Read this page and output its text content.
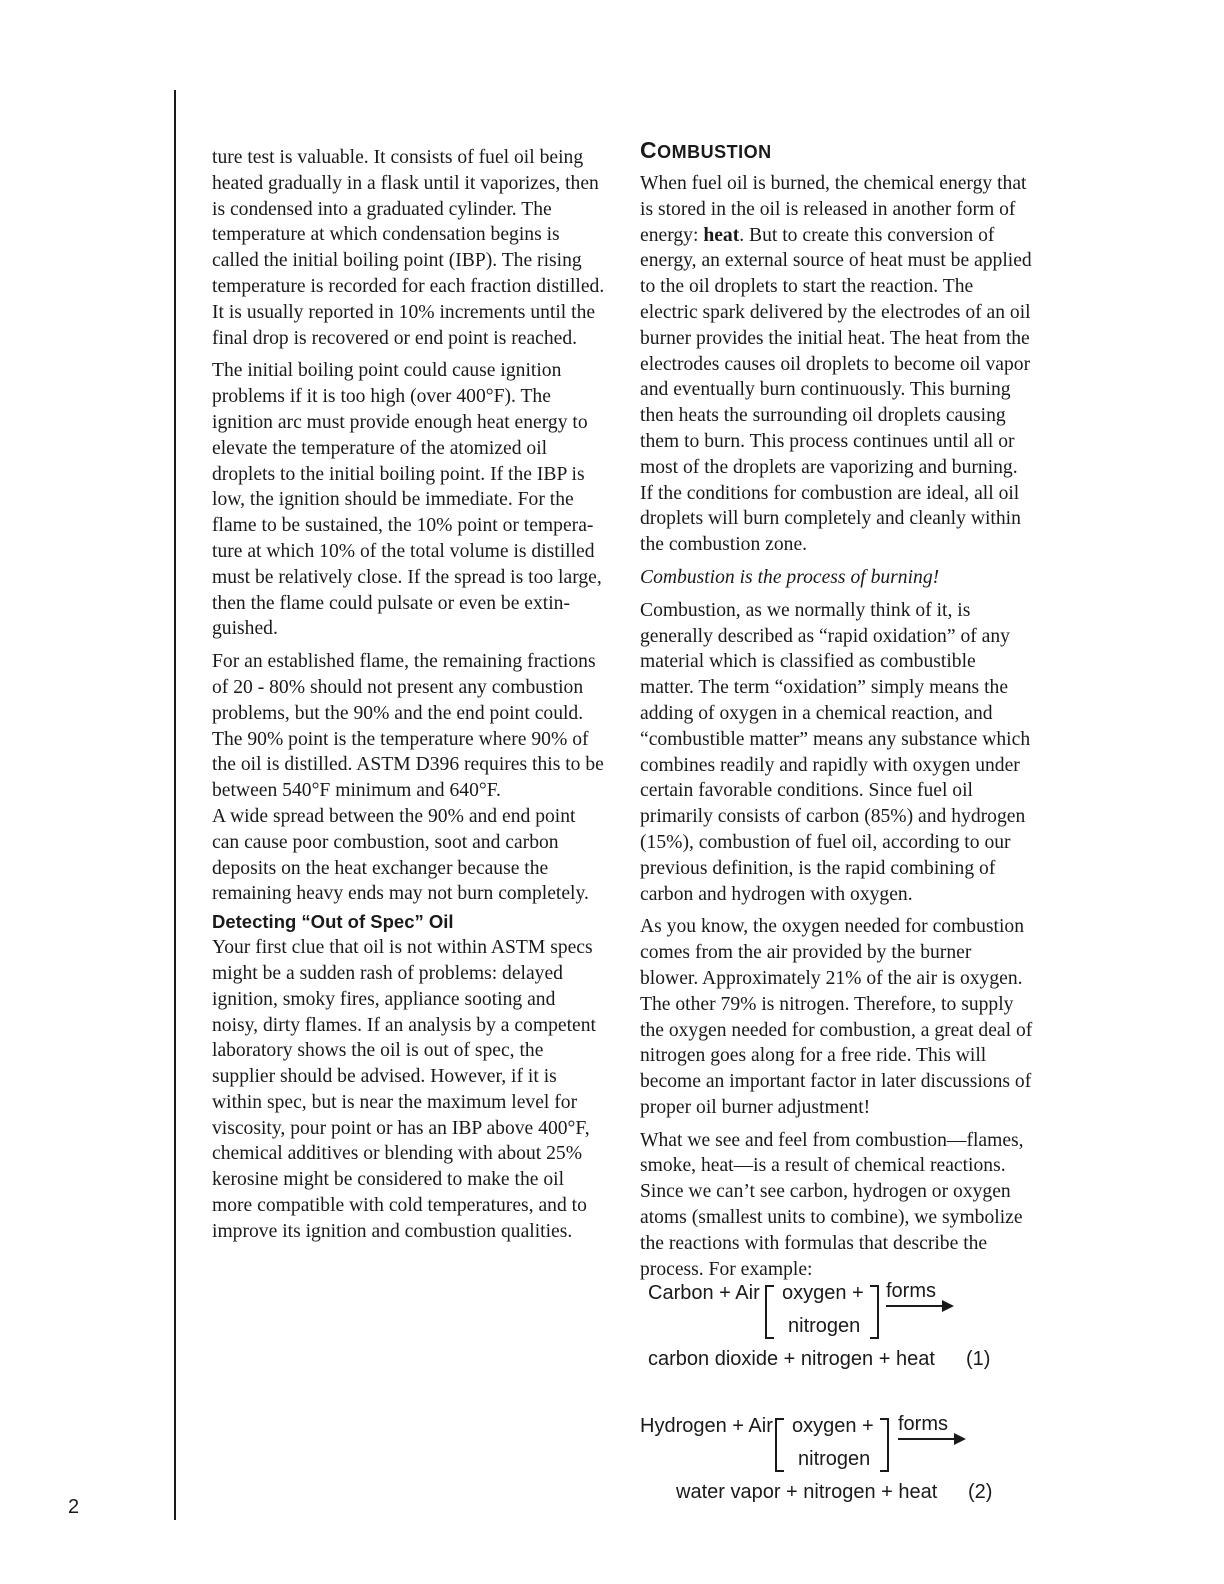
ture test is valuable. It consists of fuel oil being
heated gradually in a flask until it vaporizes, then
is condensed into a graduated cylinder. The
temperature at which condensation begins is
called the initial boiling point (IBP). The rising
temperature is recorded for each fraction distilled.
It is usually reported in 10% increments until the
final drop is recovered or end point is reached.

The initial boiling point could cause ignition
problems if it is too high (over 400°F). The
ignition arc must provide enough heat energy to
elevate the temperature of the atomized oil
droplets to the initial boiling point. If the IBP is
low, the ignition should be immediate. For the
flame to be sustained, the 10% point or tempera-
ture at which 10% of the total volume is distilled
must be relatively close. If the spread is too large,
then the flame could pulsate or even be extin-
guished.

For an established flame, the remaining fractions
of 20 - 80% should not present any combustion
problems, but the 90% and the end point could.
The 90% point is the temperature where 90% of
the oil is distilled. ASTM D396 requires this to be
between 540°F minimum and 640°F.
A wide spread between the 90% and end point
can cause poor combustion, soot and carbon
deposits on the heat exchanger because the
remaining heavy ends may not burn completely.

Detecting “Out of Spec” Oil

Your first clue that oil is not within ASTM specs
might be a sudden rash of problems: delayed
ignition, smoky fires, appliance sooting and
noisy, dirty flames. If an analysis by a competent
laboratory shows the oil is out of spec, the
supplier should be advised. However, if it is
within spec, but is near the maximum level for
viscosity, pour point or has an IBP above 400°F,
chemical additives or blending with about 25%
kerosine might be considered to make the oil
more compatible with cold temperatures, and to
improve its ignition and combustion qualities.

COMBUSTION

When fuel oil is burned, the chemical energy that
is stored in the oil is released in another form of
energy: heat. But to create this conversion of
energy, an external source of heat must be applied
to the oil droplets to start the reaction. The
electric spark delivered by the electrodes of an oil
burner provides the initial heat. The heat from the
electrodes causes oil droplets to become oil vapor
and eventually burn continuously. This burning
then heats the surrounding oil droplets causing
them to burn. This process continues until all or
most of the droplets are vaporizing and burning.
If the conditions for combustion are ideal, all oil
droplets will burn completely and cleanly within
the combustion zone.

Combustion is the process of burning!

Combustion, as we normally think of it, is
generally described as “rapid oxidation” of any
material which is classified as combustible
matter. The term “oxidation” simply means the
adding of oxygen in a chemical reaction, and
“combustible matter” means any substance which
combines readily and rapidly with oxygen under
certain favorable conditions. Since fuel oil
primarily consists of carbon (85%) and hydrogen
(15%), combustion of fuel oil, according to our
previous definition, is the rapid combining of
carbon and hydrogen with oxygen.

As you know, the oxygen needed for combustion
comes from the air provided by the burner
blower. Approximately 21% of the air is oxygen.
The other 79% is nitrogen. Therefore, to supply
the oxygen needed for combustion, a great deal of
nitrogen goes along for a free ride. This will
become an important factor in later discussions of
proper oil burner adjustment!

What we see and feel from combustion—flames,
smoke, heat—is a result of chemical reactions.
Since we can’t see carbon, hydrogen or oxygen
atoms (smallest units to combine), we symbolize
the reactions with formulas that describe the
process. For example:

Carbon + Air oxygen +
nitrogen
forms
carbon dioxide + nitrogen + heat (1)
Hydrogen + Air oxygen +
nitrogen
forms
water vapor + nitrogen + heat (2)
2
